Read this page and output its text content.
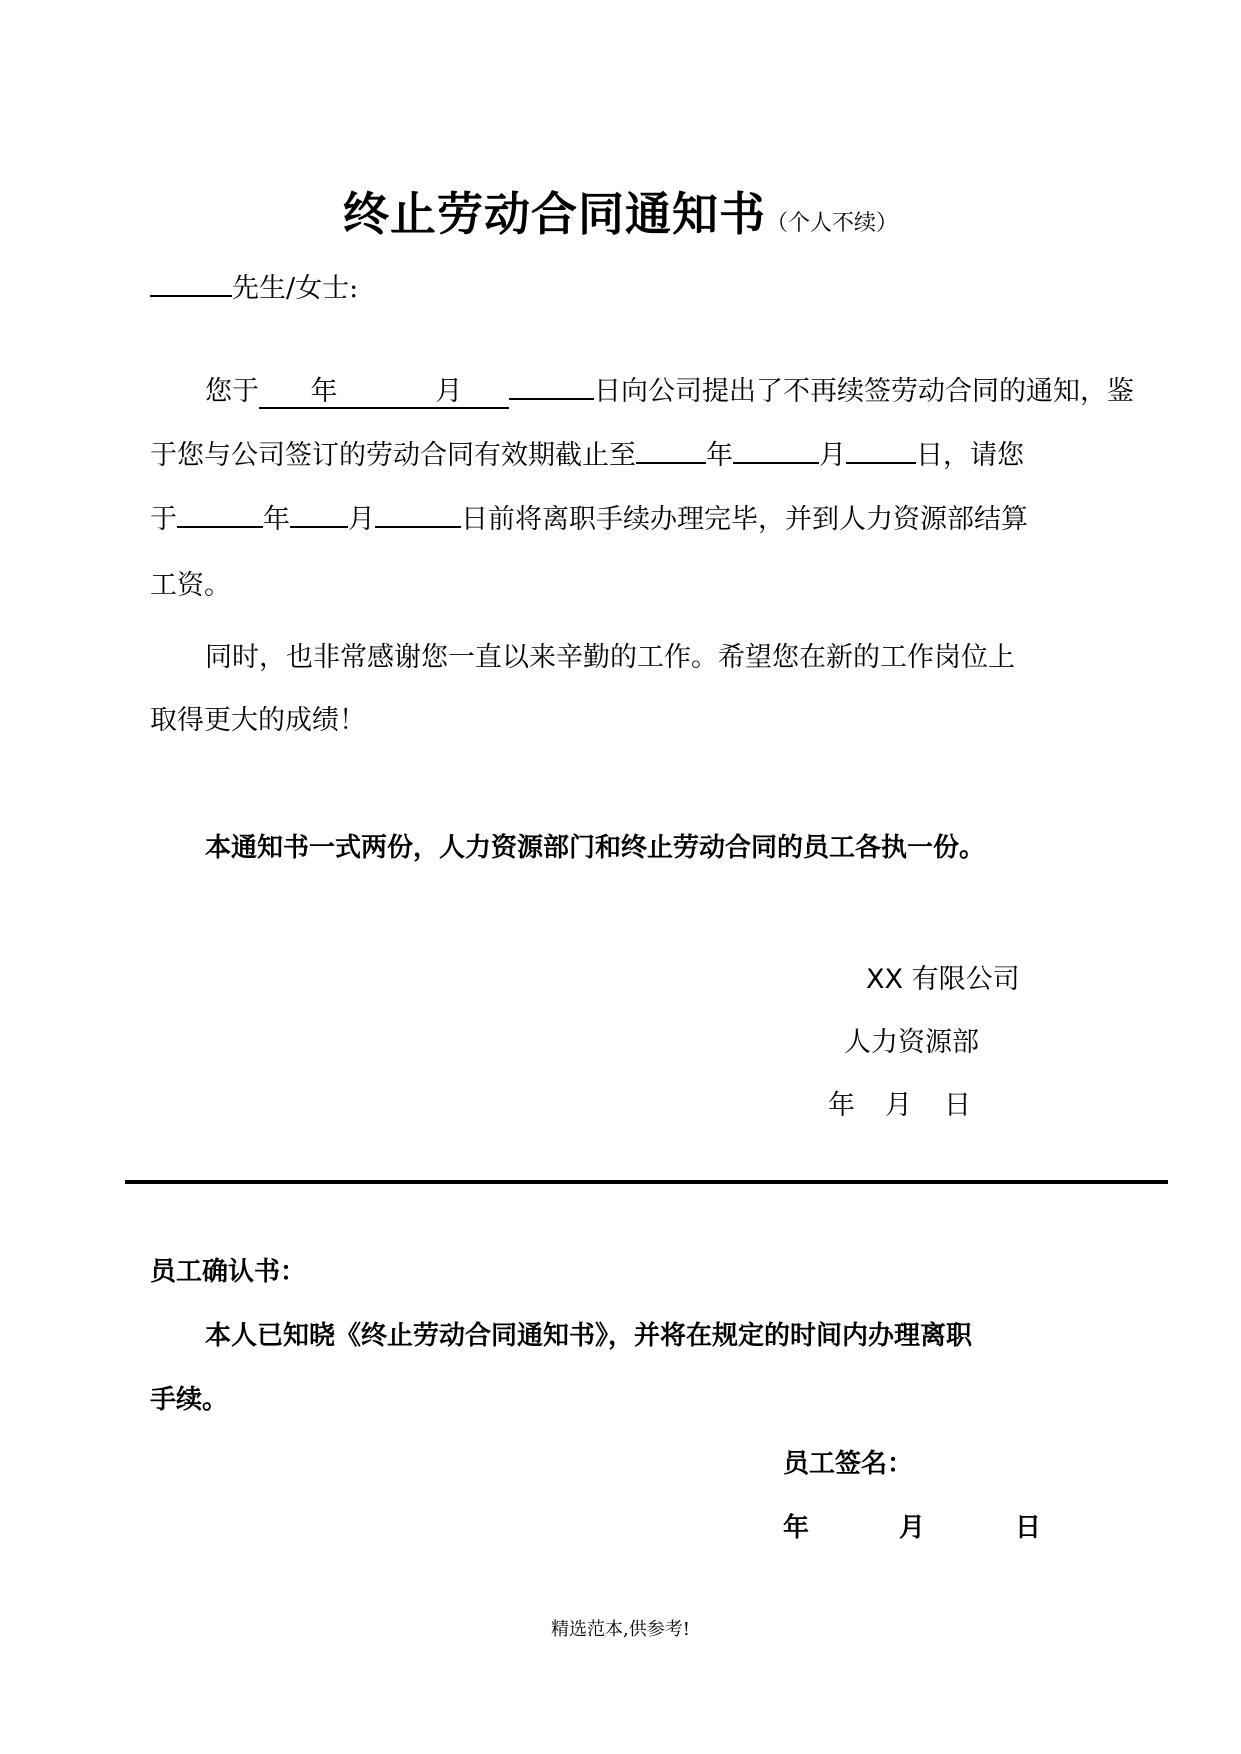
终止劳动合同通知书（个人不续）
先生/女士:
您于 年	月	日向公司提出了不再续签劳动合同的通知，鉴
于您与公司签订的劳动合同有效期截止至	年	月	日，请您
于	年 月	日前将离职手续办理完毕，并到人力资源部结算
工资。
同时，也非常感谢您一直以来辛勤的工作。希望您在新的工作岗位上
取得更大的成绩！
本通知书一式两份，人力资源部门和终止劳动合同的员工各执一份。
XX 有限公司
人力资源部
年 月 日
员工确认书：
本人已知晓《终止劳动合同通知书》，并将在规定的时间内办理离职
手续。
员工签名：
年	月	日
精选范本,供参考!
